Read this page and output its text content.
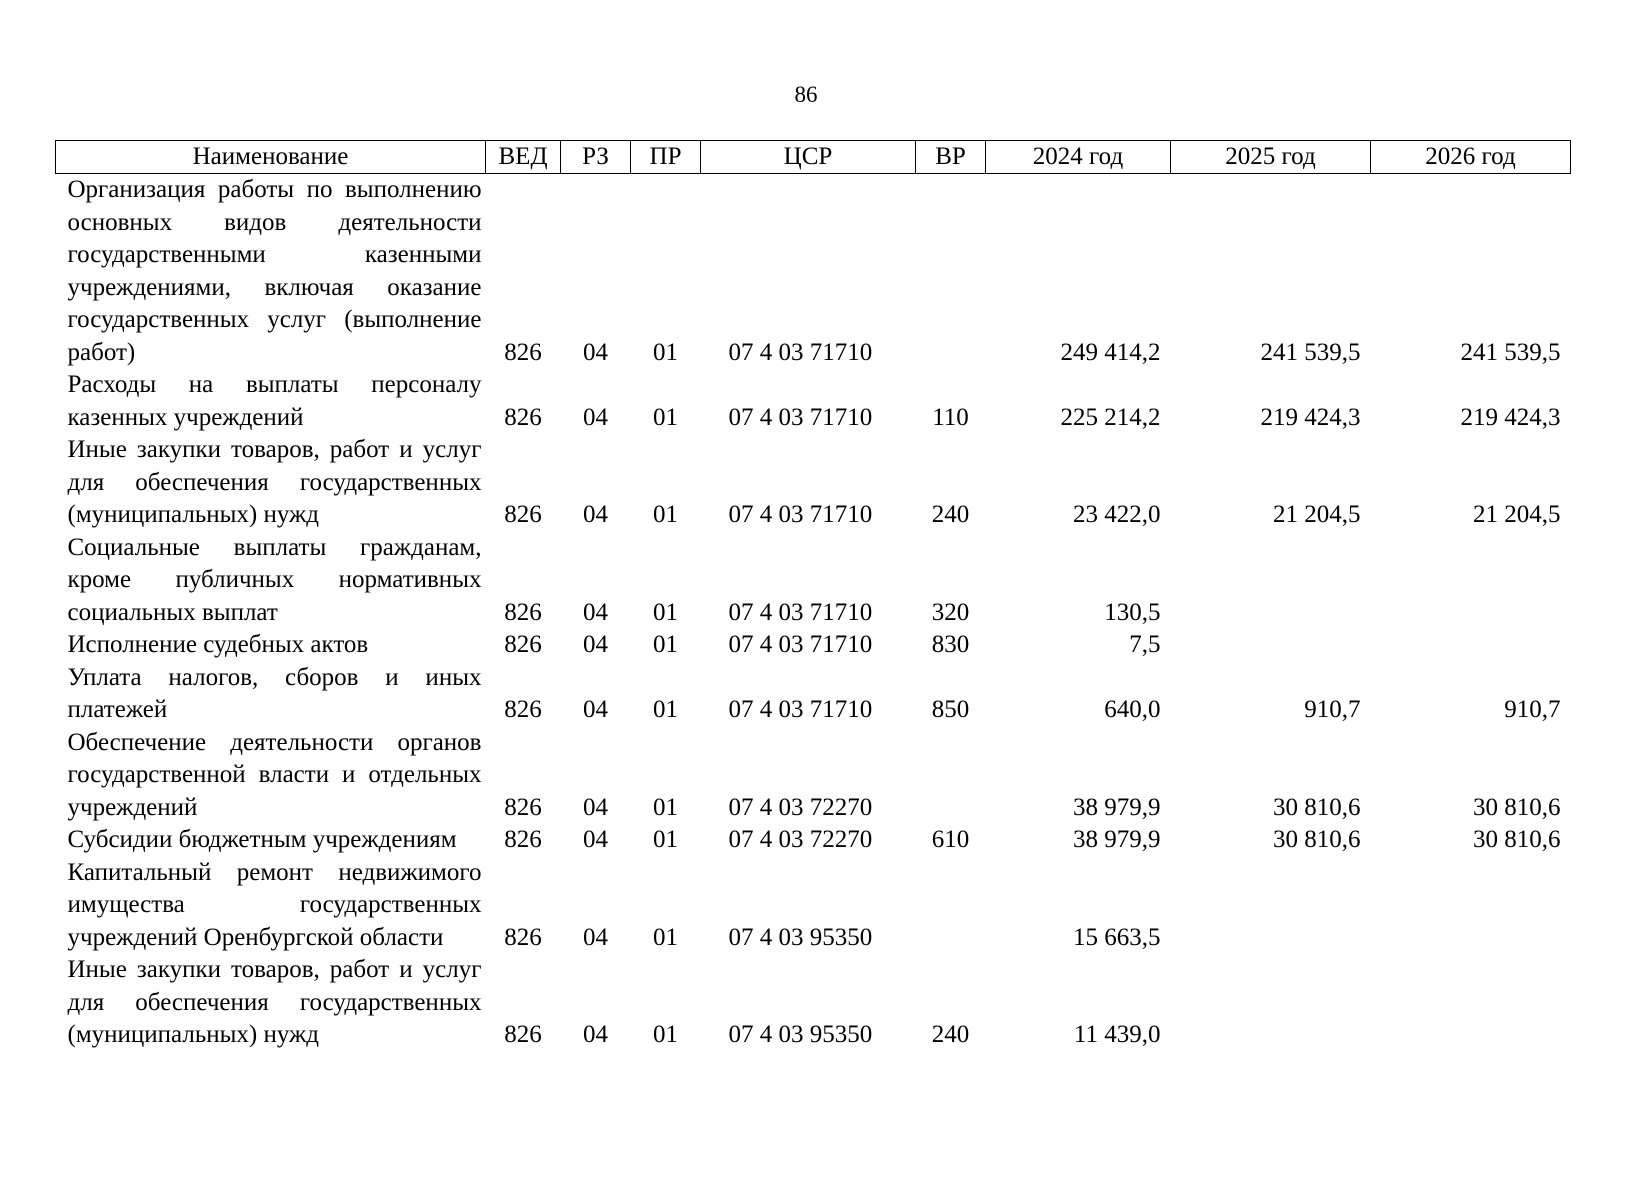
86
Наименование	ВЕД	РЗ	ПР	ЦСР	ВР	2024 год	2025 год	2026 год
Организация работы по выполнению основных видов деятельности государственными казенными учреждениями, включая оказание государственных услуг (выполнение работ)	826	04	01	07 4 03 71710		249 414,2	241 539,5	241 539,5
Расходы на выплаты персоналу казенных учреждений	826	04	01	07 4 03 71710	110	225 214,2	219 424,3	219 424,3
Иные закупки товаров, работ и услуг для обеспечения государственных (муниципальных) нужд	826	04	01	07 4 03 71710	240	23 422,0	21 204,5	21 204,5
Социальные выплаты гражданам, кроме публичных нормативных социальных выплат	826	04	01	07 4 03 71710	320	130,5		
Исполнение судебных актов	826	04	01	07 4 03 71710	830	7,5		
Уплата налогов, сборов и иных платежей	826	04	01	07 4 03 71710	850	640,0	910,7	910,7
Обеспечение деятельности органов государственной власти и отдельных учреждений	826	04	01	07 4 03 72270		38 979,9	30 810,6	30 810,6
Субсидии бюджетным учреждениям	826	04	01	07 4 03 72270	610	38 979,9	30 810,6	30 810,6
Капитальный ремонт недвижимого имущества государственных учреждений Оренбургской области	826	04	01	07 4 03 95350		15 663,5		
Иные закупки товаров, работ и услуг для обеспечения государственных (муниципальных) нужд	826	04	01	07 4 03 95350	240	11 439,0		
